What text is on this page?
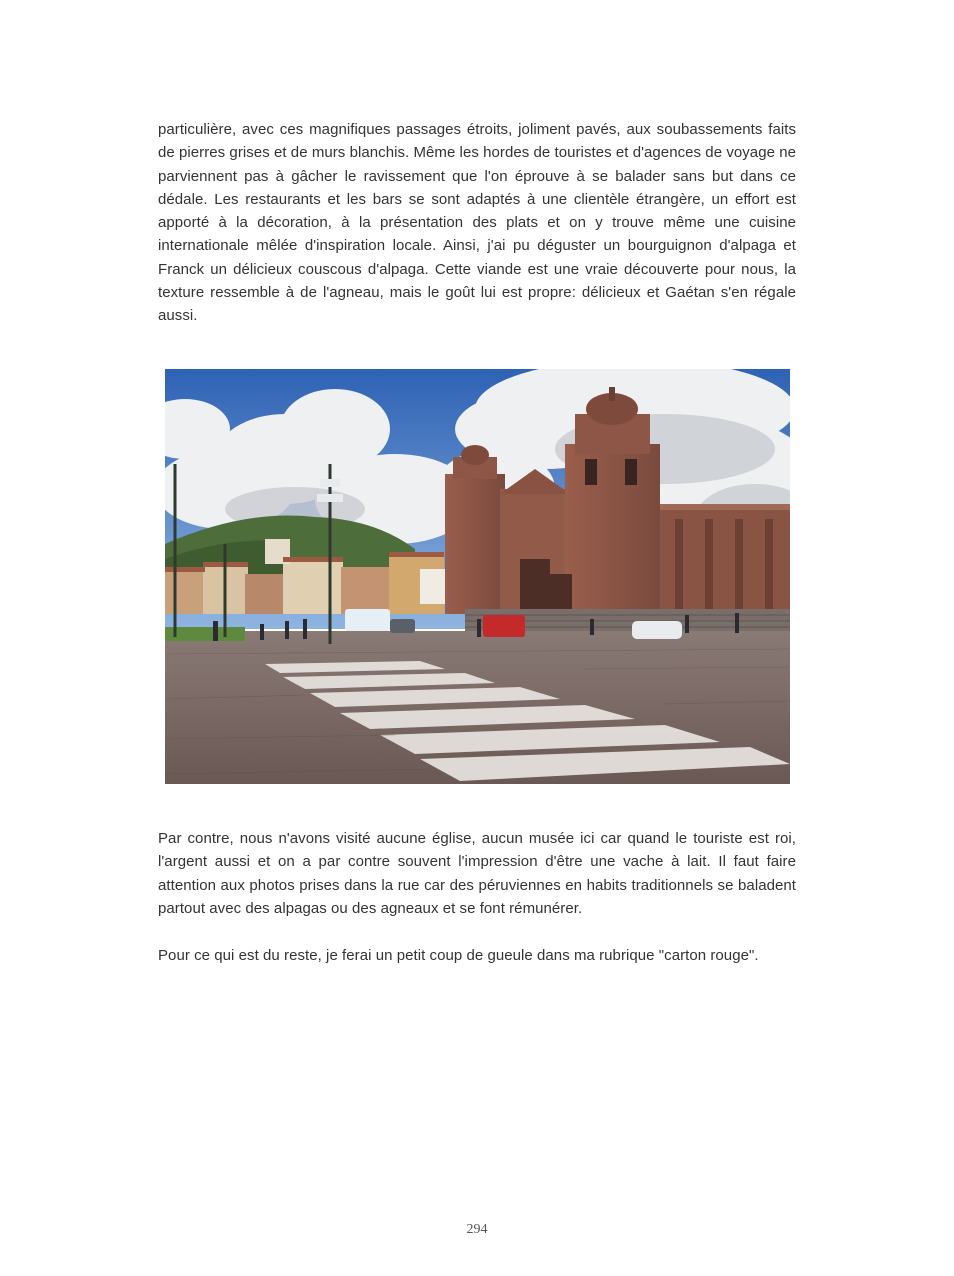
particulière, avec ces magnifiques passages étroits, joliment pavés, aux soubassements faits de pierres grises et de murs blanchis. Même les hordes de touristes et d'agences de voyage ne parviennent pas à gâcher le ravissement que l'on éprouve à se balader sans but dans ce dédale. Les restaurants et les bars se sont adaptés à une clientèle étrangère, un effort est apporté à la décoration, à la présentation des plats et on y trouve même une cuisine internationale mêlée d'inspiration locale. Ainsi, j'ai pu déguster un bourguignon d'alpaga et Franck un délicieux couscous d'alpaga. Cette viande est une vraie découverte pour nous, la texture ressemble à de l'agneau, mais le goût lui est propre: délicieux et Gaétan s'en régale aussi.

Par contre, nous n'avons visité aucune église, aucun musée ici car quand le touriste est roi, l'argent aussi et on a par contre souvent l'impression d'être une vache à lait. Il faut faire attention aux photos prises dans la rue car des péruviennes en habits traditionnels se baladent partout avec des alpagas ou des agneaux et se font rémunérer.

Pour ce qui est du reste, je ferai un petit coup de gueule dans ma rubrique "carton rouge".

294
